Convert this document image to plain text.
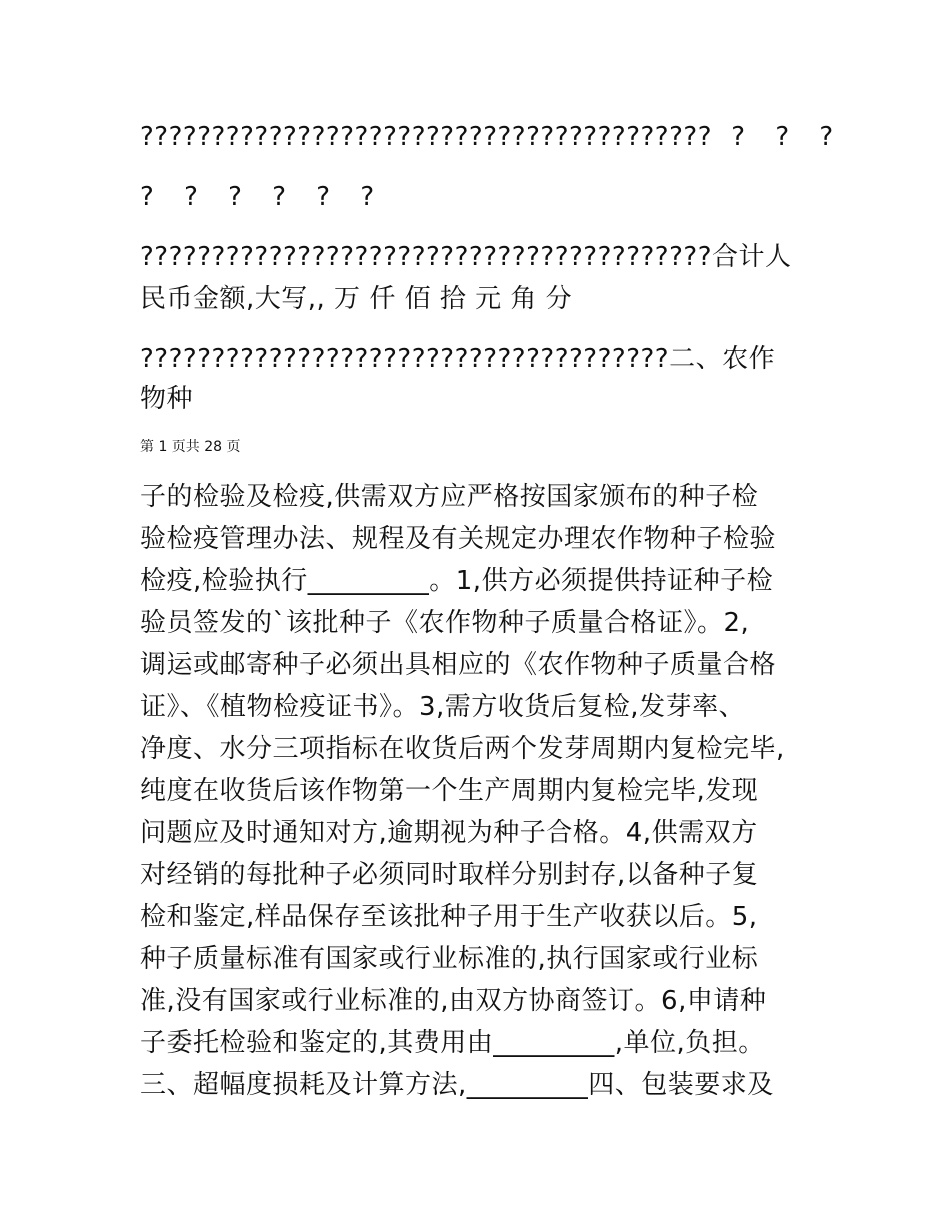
???????????????????????????????????????? ? ? ?
? ? ? ? ? ?
????????????????????????????????????????合计人
民币金额,大写,, 万 仟 佰 拾 元 角 分
?????????????????????????????????????二、农作
物种
第 1 页共 28 页
子的检验及检疫,供需双方应严格按国家颁布的种子检
验检疫管理办法、规程及有关规定办理农作物种子检验
检疫,检验执行_________。1,供方必须提供持证种子检
验员签发的`该批种子《农作物种子质量合格证》。2,
调运或邮寄种子必须出具相应的《农作物种子质量合格
证》、《植物检疫证书》。3,需方收货后复检,发芽率、
净度、水分三项指标在收货后两个发芽周期内复检完毕,
纯度在收货后该作物第一个生产周期内复检完毕,发现
问题应及时通知对方,逾期视为种子合格。4,供需双方
对经销的每批种子必须同时取样分别封存,以备种子复
检和鉴定,样品保存至该批种子用于生产收获以后。5,
种子质量标准有国家或行业标准的,执行国家或行业标
准,没有国家或行业标准的,由双方协商签订。6,申请种
子委托检验和鉴定的,其费用由_________,单位,负担。
三、超幅度损耗及计算方法,_________四、包装要求及
